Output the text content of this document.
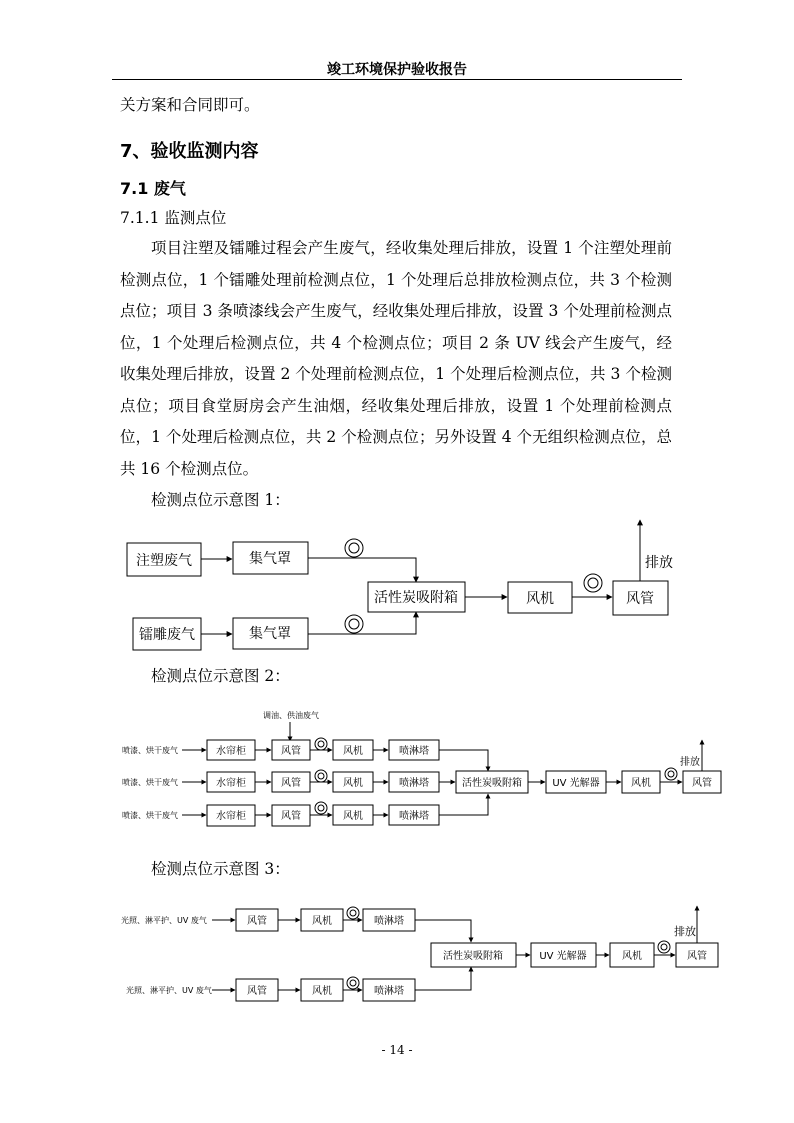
竣工环境保护验收报告
关方案和合同即可。
7、验收监测内容
7.1 废气
7.1.1 监测点位
项目注塑及镭雕过程会产生废气，经收集处理后排放，设置 1 个注塑处理前检测点位，1 个镭雕处理前检测点位，1 个处理后总排放检测点位，共 3 个检测点位；项目 3 条喷漆线会产生废气，经收集处理后排放，设置 3 个处理前检测点位，1 个处理后检测点位，共 4 个检测点位；项目 2 条 UV 线会产生废气，经收集处理后排放，设置 2 个处理前检测点位，1 个处理后检测点位，共 3 个检测点位；项目食堂厨房会产生油烟，经收集处理后排放，设置 1 个处理前检测点位，1 个处理后检测点位，共 2 个检测点位；另外设置 4 个无组织检测点位，总共 16 个检测点位。
检测点位示意图 1：
检测点位示意图 2：
检测点位示意图 3：
注塑废气	集气罩
镭雕废气	集气罩
活性炭吸附箱	风机	风管
排放
调油、供油废气
喷漆、烘干废气	水帘柜	风管	风机	喷淋塔
喷漆、烘干废气	水帘柜	风管	风机	喷淋塔
喷漆、烘干废气	水帘柜	风管	风机	喷淋塔
活性炭吸附箱	UV 光解器	风机	风管
排放
光照、淋平护、UV 废气	风管	风机	喷淋塔
光照、淋平护、UV 废气	风管	风机	喷淋塔
活性炭吸附箱	UV 光解器	风机	风管
排放
- 14 -
